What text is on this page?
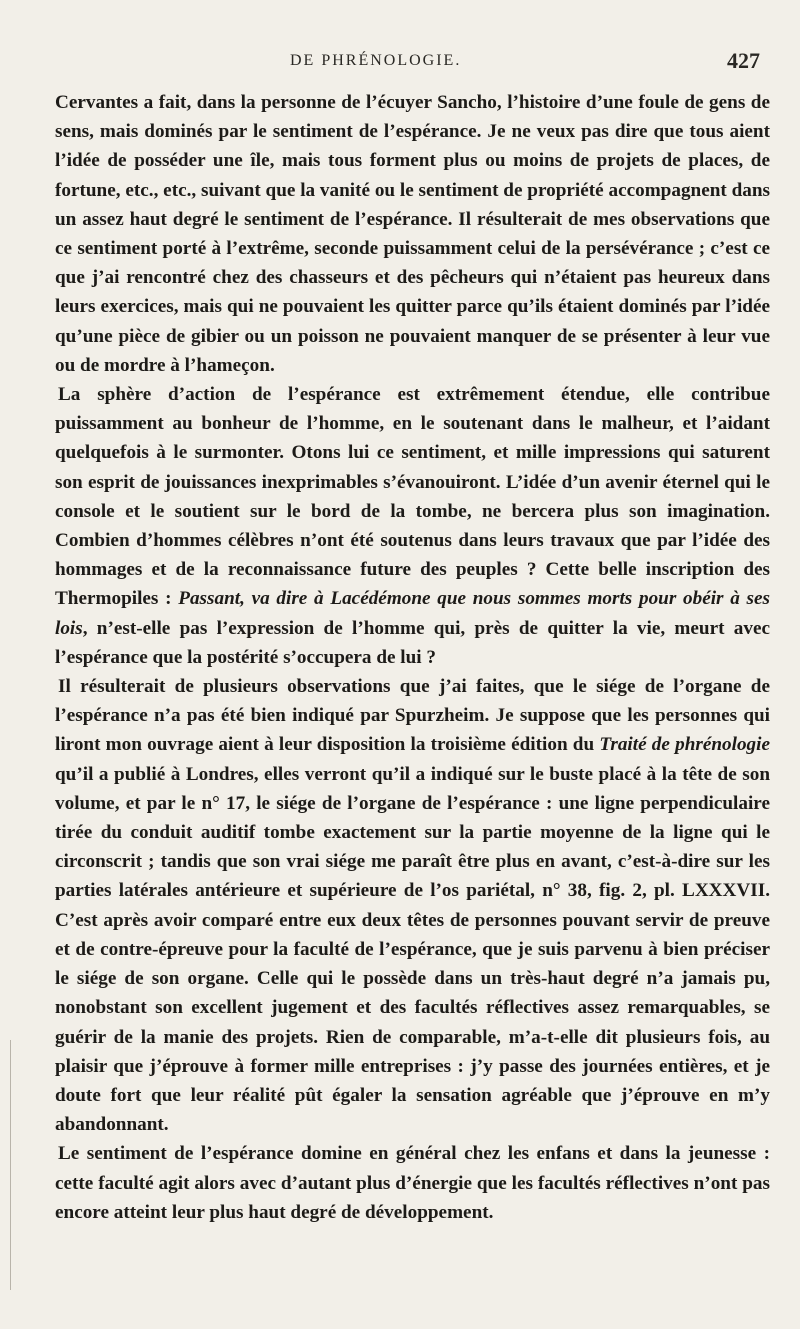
DE PHRÉNOLOGIE.	427

Cervantes a fait, dans la personne de l’écuyer Sancho, l’histoire d’une foule de gens de sens, mais dominés par le sentiment de l’espérance. Je ne veux pas dire que tous aient l’idée de posséder une île, mais tous forment plus ou moins de projets de places, de fortune, etc., etc., suivant que la vanité ou le sentiment de propriété accompagnent dans un assez haut degré le sentiment de l’espérance. Il résulterait de mes observations que ce sentiment porté à l’extrême, seconde puissamment celui de la persévérance ; c’est ce que j’ai rencontré chez des chasseurs et des pêcheurs qui n’étaient pas heureux dans leurs exercices, mais qui ne pouvaient les quitter parce qu’ils étaient dominés par l’idée qu’une pièce de gibier ou un poisson ne pouvaient manquer de se présenter à leur vue ou de mordre à l’hameçon.

La sphère d’action de l’espérance est extrêmement étendue, elle contribue puissamment au bonheur de l’homme, en le soutenant dans le malheur, et l’aidant quelquefois à le surmonter. Otons lui ce sentiment, et mille impressions qui saturent son esprit de jouissances inexprimables s’évanouiront. L’idée d’un avenir éternel qui le console et le soutient sur le bord de la tombe, ne bercera plus son imagination. Combien d’hommes célèbres n’ont été soutenus dans leurs travaux que par l’idée des hommages et de la reconnaissance future des peuples ? Cette belle inscription des Thermopiles : Passant, va dire à Lacédémone que nous sommes morts pour obéir à ses lois, n’est-elle pas l’expression de l’homme qui, près de quitter la vie, meurt avec l’espérance que la postérité s’occupera de lui ?

Il résulterait de plusieurs observations que j’ai faites, que le siége de l’organe de l’espérance n’a pas été bien indiqué par Spurzheim. Je suppose que les personnes qui liront mon ouvrage aient à leur disposition la troisième édition du Traité de phrénologie qu’il a publié à Londres, elles verront qu’il a indiqué sur le buste placé à la tête de son volume, et par le n° 17, le siége de l’organe de l’espérance : une ligne perpendiculaire tirée du conduit auditif tombe exactement sur la partie moyenne de la ligne qui le circonscrit ; tandis que son vrai siége me paraît être plus en avant, c’est-à-dire sur les parties latérales antérieure et supérieure de l’os pariétal, n° 38, fig. 2, pl. LXXXVII. C’est après avoir comparé entre eux deux têtes de personnes pouvant servir de preuve et de contre-épreuve pour la faculté de l’espérance, que je suis parvenu à bien préciser le siége de son organe. Celle qui le possède dans un très-haut degré n’a jamais pu, nonobstant son excellent jugement et des facultés réflectives assez remarquables, se guérir de la manie des projets. Rien de comparable, m’a-t-elle dit plusieurs fois, au plaisir que j’éprouve à former mille entreprises : j’y passe des journées entières, et je doute fort que leur réalité pût égaler la sensation agréable que j’éprouve en m’y abandonnant.

Le sentiment de l’espérance domine en général chez les enfans et dans la jeunesse : cette faculté agit alors avec d’autant plus d’énergie que les facultés réflectives n’ont pas encore atteint leur plus haut degré de développement.
